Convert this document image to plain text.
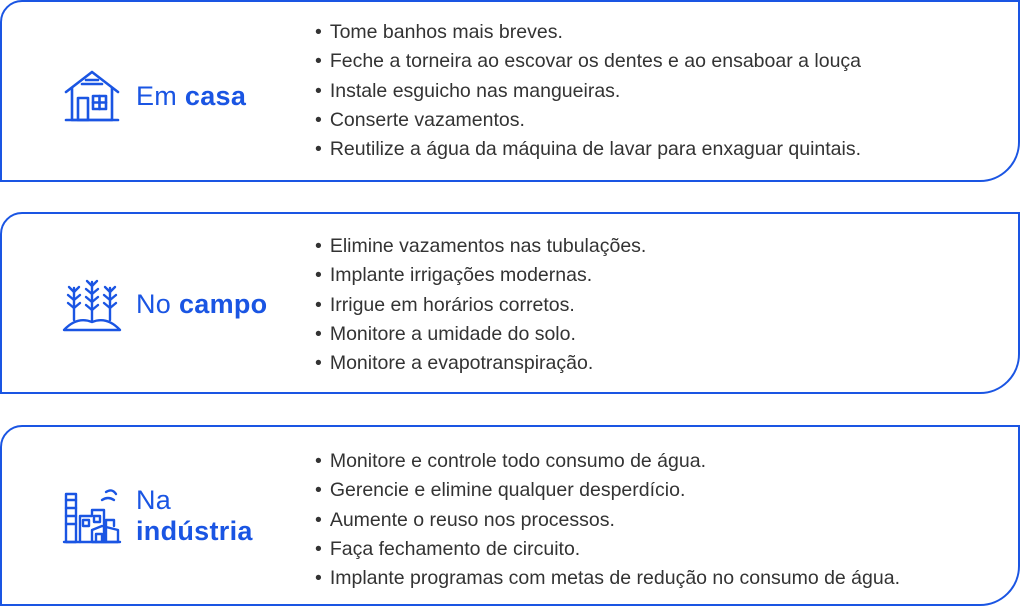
Em casa
• Tome banhos mais breves.
• Feche a torneira ao escovar os dentes e ao ensaboar a louça
• Instale esguicho nas mangueiras.
• Conserte vazamentos.
• Reutilize a água da máquina de lavar para enxaguar quintais.
No campo
• Elimine vazamentos nas tubulações.
• Implante irrigações modernas.
• Irrigue em horários corretos.
• Monitore a umidade do solo.
• Monitore a evapotranspiração.
Na
indústria
• Monitore e controle todo consumo de água.
• Gerencie e elimine qualquer desperdício.
• Aumente o reuso nos processos.
• Faça fechamento de circuito.
• Implante programas com metas de redução no consumo de água.
